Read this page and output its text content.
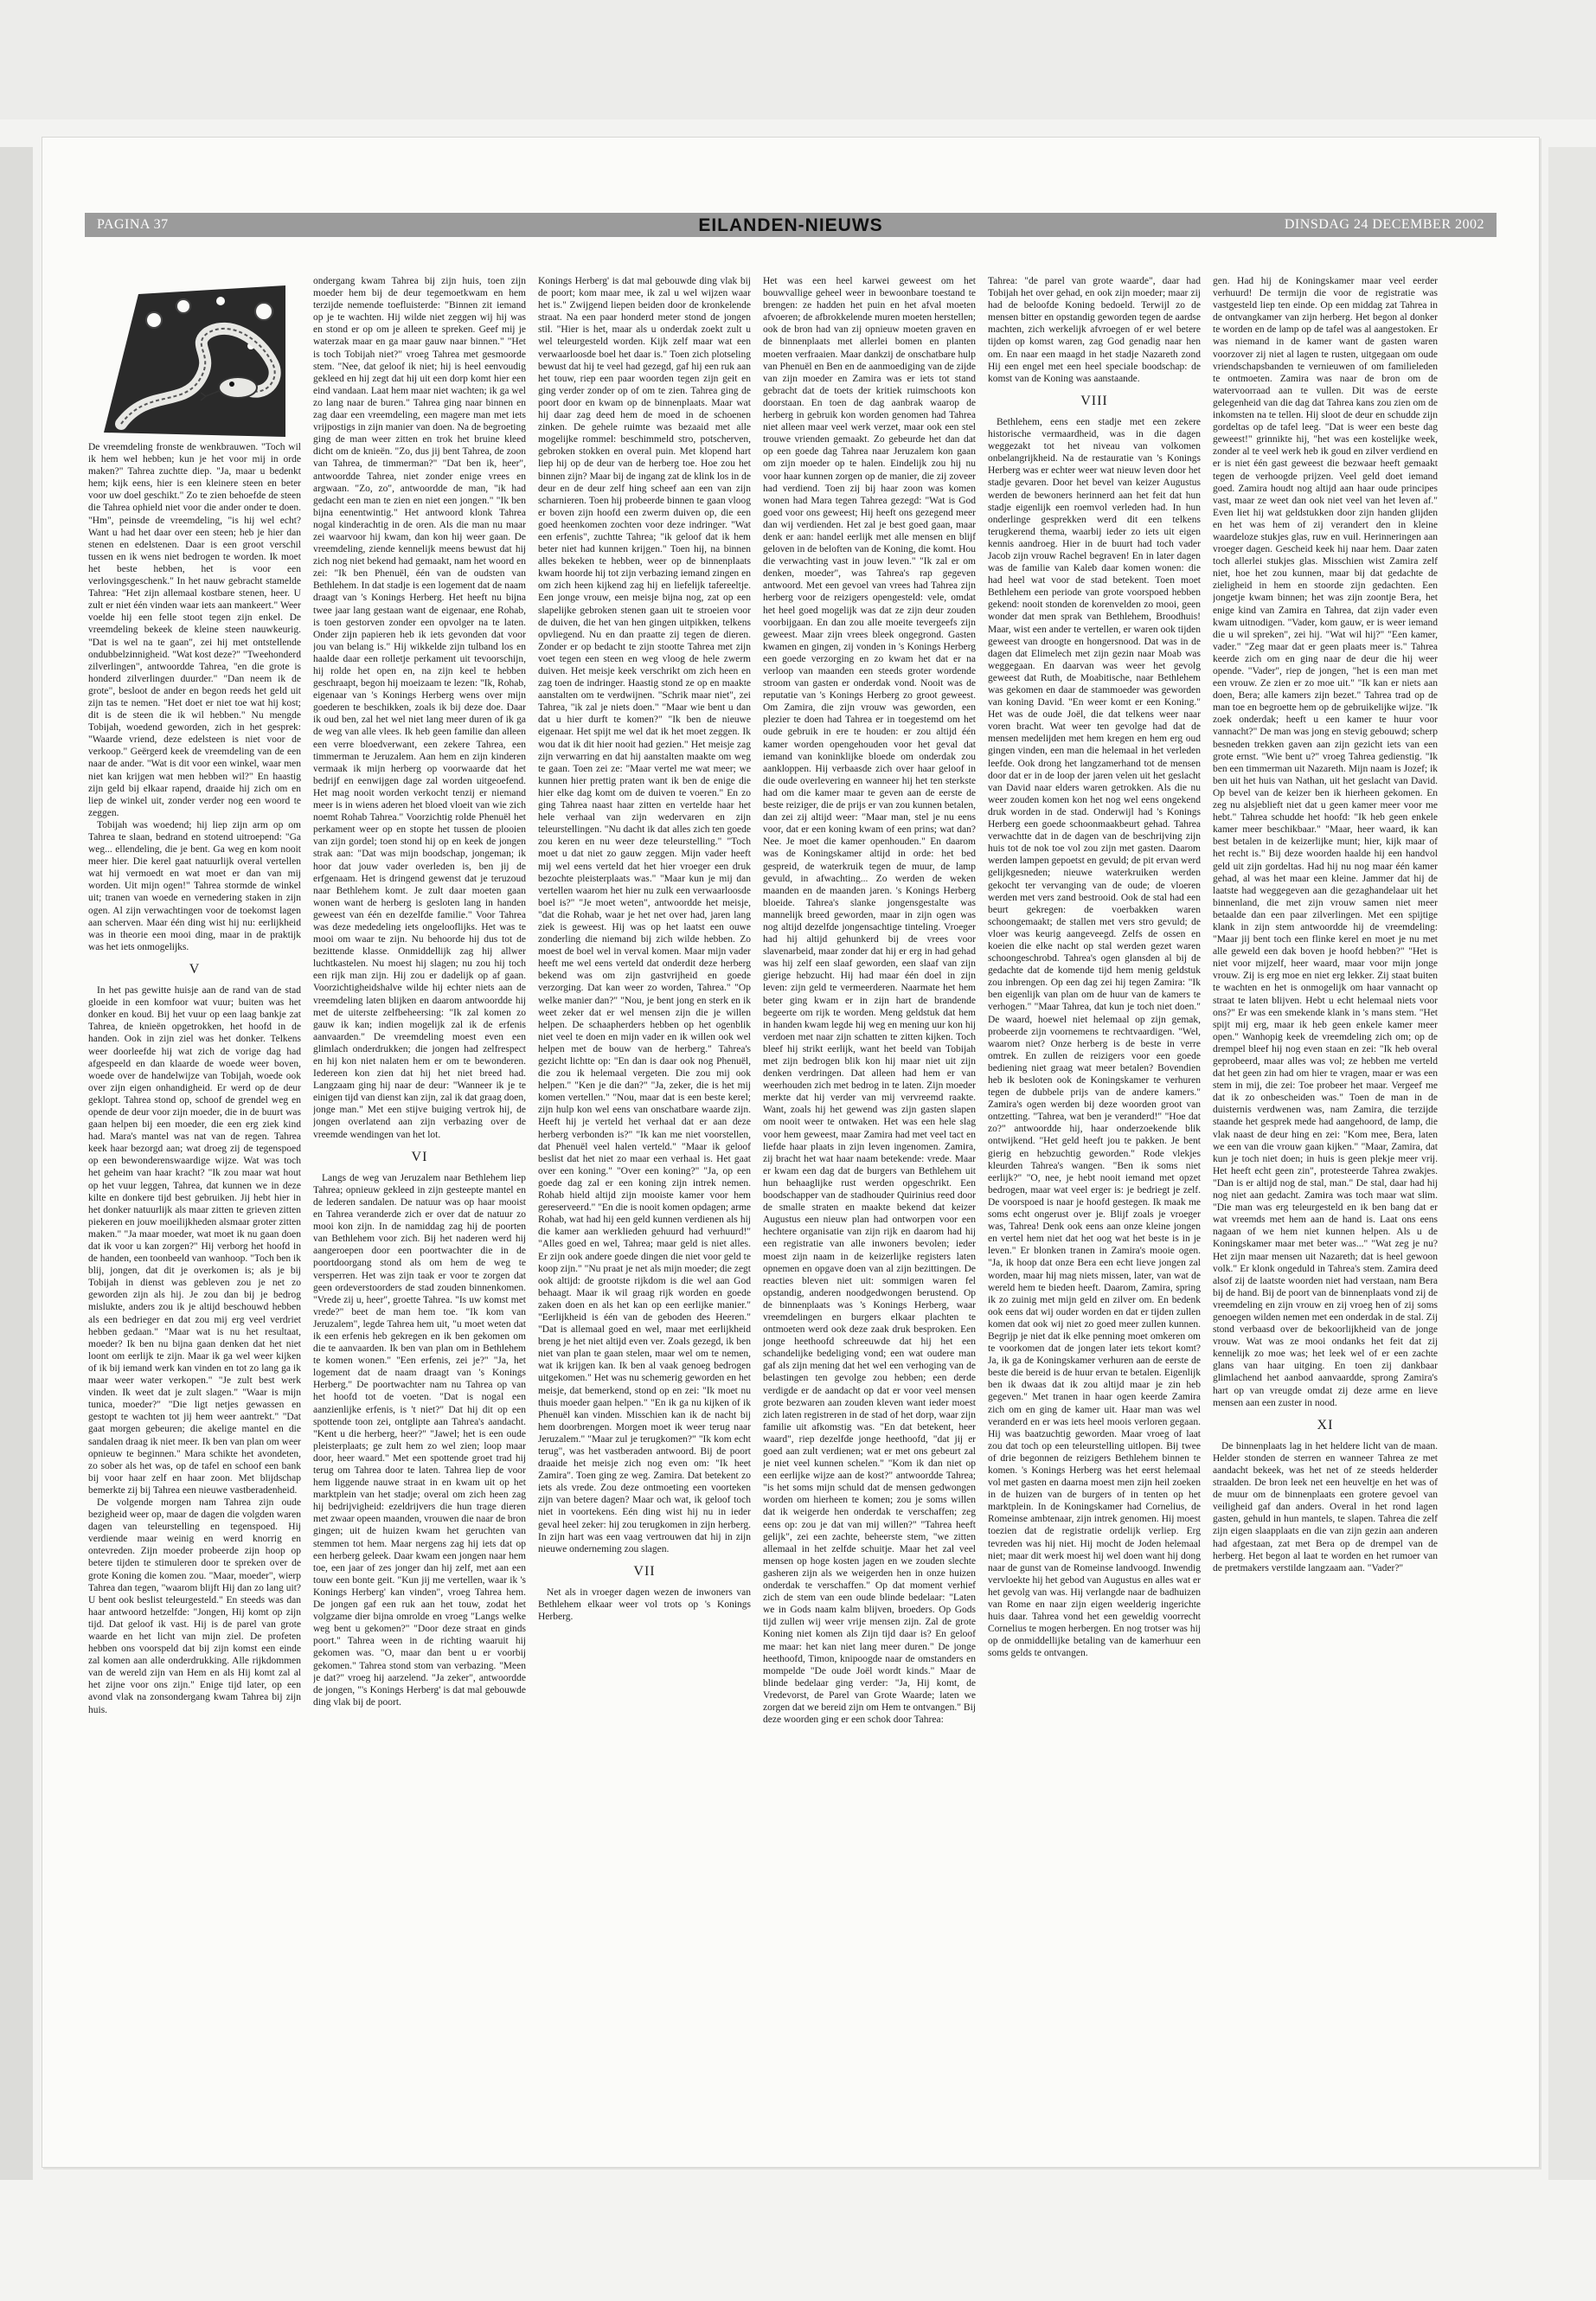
PAGINA 37	EILANDEN-NIEUWS	DINSDAG 24 DECEMBER 2002

De vreemdeling fronste de wenkbrauwen. "Toch wil ik hem wel hebben; kun je het voor mij in orde maken?" Tahrea zuchtte diep. "Ja, maar u bedenkt hem; kijk eens, hier is een kleinere steen en beter voor uw doel geschikt." Zo te zien behoefde de steen die Tahrea ophield niet voor die ander onder te doen. "Hm", peinsde de vreemdeling, "is hij wel echt? Want u had het daar over een steen; heb je hier dan stenen en edelstenen. Daar is een groot verschil tussen en ik wens niet bedrogen te worden. Ik moet het beste hebben, het is voor een verlovingsgeschenk." In het nauw gebracht stamelde Tahrea: "Het zijn allemaal kostbare stenen, heer. U zult er niet één vinden waar iets aan mankeert." Weer voelde hij een felle stoot tegen zijn enkel. De vreemdeling bekeek de kleine steen nauwkeurig. "Dat is wel na te gaan", zei hij met ontstellende ondubbelzinnigheid. "Wat kost deze?" "Tweehonderd zilverlingen", antwoordde Tahrea, "en die grote is honderd zilverlingen duurder." "Dan neem ik de grote", besloot de ander en begon reeds het geld uit zijn tas te nemen. "Het doet er niet toe wat hij kost; dit is de steen die ik wil hebben." Nu mengde Tobijah, woedend geworden, zich in het gesprek: "Waarde vriend, deze edelsteen is niet voor de verkoop." Geërgerd keek de vreemdeling van de een naar de ander. "Wat is dit voor een winkel, waar men niet kan krijgen wat men hebben wil?" En haastig zijn geld bij elkaar rapend, draaide hij zich om en liep de winkel uit, zonder verder nog een woord te zeggen.

Tobijah was woedend; hij liep zijn arm op om Tahrea te slaan, bedrand en stotend uitroepend: "Ga weg... ellendeling, die je bent. Ga weg en kom nooit meer hier. Die kerel gaat natuurlijk overal vertellen wat hij vermoedt en wat moet er dan van mij worden. Uit mijn ogen!" Tahrea stormde de winkel uit; tranen van woede en vernedering staken in zijn ogen. Al zijn verwachtingen voor de toekomst lagen aan scherven. Maar één ding wist hij nu: eerlijkheid was in theorie een mooi ding, maar in de praktijk was het iets onmogelijks.

V

In het pas gewitte huisje aan de rand van de stad gloeide in een komfoor wat vuur; buiten was het donker en koud. Bij het vuur op een laag bankje zat Tahrea, de knieën opgetrokken, het hoofd in de handen. Ook in zijn ziel was het donker. Telkens weer doorleefde hij wat zich de vorige dag had afgespeeld en dan klaarde de woede weer boven, woede over de handelwijze van Tobijah, woede ook over zijn eigen onhandigheid. Er werd op de deur geklopt. Tahrea stond op, schoof de grendel weg en opende de deur voor zijn moeder, die in de buurt was gaan helpen bij een moeder, die een erg ziek kind had. Mara's mantel was nat van de regen. Tahrea keek haar bezorgd aan; wat droeg zij de tegenspoed op een bewonderenswaardige wijze. Wat was toch het geheim van haar kracht? "Ik zou maar wat hout op het vuur leggen, Tahrea, dat kunnen we in deze kilte en donkere tijd best gebruiken. Jij hebt hier in het donker natuurlijk als maar zitten te grieven zitten piekeren en jouw moeilijkheden alsmaar groter zitten maken." "Ja maar moeder, wat moet ik nu gaan doen dat ik voor u kan zorgen?" Hij verborg het hoofd in de handen, een toonbeeld van wanhoop. "Toch ben ik blij, jongen, dat dit je overkomen is; als je bij Tobijah in dienst was gebleven zou je net zo geworden zijn als hij. Je zou dan bij je bedrog mislukte, anders zou ik je altijd beschouwd hebben als een bedrieger en dat zou mij erg veel verdriet hebben gedaan." "Maar wat is nu het resultaat, moeder? Ik ben nu bijna gaan denken dat het niet loont om eerlijk te zijn. Maar ik ga wel weer kijken of ik bij iemand werk kan vinden en tot zo lang ga ik maar weer water verkopen." "Je zult best werk vinden. Ik weet dat je zult slagen." "Waar is mijn tunica, moeder?" "Die ligt netjes gewassen en gestopt te wachten tot jij hem weer aantrekt." "Dat gaat morgen gebeuren; die akelige mantel en die sandalen draag ik niet meer. Ik ben van plan om weer opnieuw te beginnen." Mara schikte het avondeten, zo sober als het was, op de tafel en schoof een bank bij voor haar zelf en haar zoon. Met blijdschap bemerkte zij bij Tahrea een nieuwe vastberadenheid.

De volgende morgen nam Tahrea zijn oude bezigheid weer op, maar de dagen die volgden waren dagen van teleurstelling en tegenspoed. Hij verdiende maar weinig en werd knorrig en ontevreden. Zijn moeder probeerde zijn hoop op betere tijden te stimuleren door te spreken over de grote Koning die komen zou. "Maar, moeder", wierp Tahrea dan tegen, "waarom blijft Hij dan zo lang uit? U bent ook beslist teleurgesteld." En steeds was dan haar antwoord hetzelfde: "Jongen, Hij komt op zijn tijd. Dat geloof ik vast. Hij is de parel van grote waarde en het licht van mijn ziel. De profeten hebben ons voorspeld dat bij zijn komst een einde zal komen aan alle onderdrukking. Alle rijkdommen van de wereld zijn van Hem en als Hij komt zal al het zijne voor ons zijn." Enige tijd later, op een avond vlak na zonsondergang kwam Tahrea bij zijn huis.

ondergang kwam Tahrea bij zijn huis, toen zijn moeder hem bij de deur tegemoetkwam en hem terzijde nemende toefluisterde: "Binnen zit iemand op je te wachten. Hij wilde niet zeggen wij hij was en stond er op om je alleen te spreken. Geef mij je waterzak maar en ga maar gauw naar binnen." "Het is toch Tobijah niet?" vroeg Tahrea met gesmoorde stem. "Nee, dat geloof ik niet; hij is heel eenvoudig gekleed en hij zegt dat hij uit een dorp komt hier een eind vandaan. Laat hem maar niet wachten; ik ga wel zo lang naar de buren." Tahrea ging naar binnen en zag daar een vreemdeling, een magere man met iets vrijpostigs in zijn manier van doen. Na de begroeting ging de man weer zitten en trok het bruine kleed dicht om de knieën. "Zo, dus jij bent Tahrea, de zoon van Tahrea, de timmerman?" "Dat ben ik, heer", antwoordde Tahrea, niet zonder enige vrees en argwaan. "Zo, zo", antwoordde de man, "ik had gedacht een man te zien en niet een jongen." "Ik ben bijna eenentwintig." Het antwoord klonk Tahrea nogal kinderachtig in de oren. Als die man nu maar zei waarvoor hij kwam, dan kon hij weer gaan. De vreemdeling, ziende kennelijk meens bewust dat hij zich nog niet bekend had gemaakt, nam het woord en zei: "Ik ben Phenuël, één van de oudsten van Bethlehem. In dat stadje is een logement dat de naam draagt van 's Konings Herberg. Het heeft nu bijna twee jaar lang gestaan want de eigenaar, ene Rohab, is toen gestorven zonder een opvolger na te laten. Onder zijn papieren heb ik iets gevonden dat voor jou van belang is." Hij wikkelde zijn tulband los en haalde daar een rolletje perkament uit tevoorschijn, hij rolde het open en, na zijn keel te hebben geschraapt, begon hij moeizaam te lezen: "Ik, Rohab, eigenaar van 's Konings Herberg wens over mijn goederen te beschikken, zoals ik bij deze doe. Daar ik oud ben, zal het wel niet lang meer duren of ik ga de weg van alle vlees. Ik heb geen familie dan alleen een verre bloedverwant, een zekere Tahrea, een timmerman te Jeruzalem. Aan hem en zijn kinderen vermaak ik mijn herberg op voorwaarde dat het bedrijf en eenwijgen dage zal worden uitgeoefend. Het mag nooit worden verkocht tenzij er niemand meer is in wiens aderen het bloed vloeit van wie zich noemt Rohab Tahrea." Voorzichtig rolde Phenuël het perkament weer op en stopte het tussen de plooien van zijn gordel; toen stond hij op en keek de jongen strak aan: "Dat was mijn boodschap, jongeman; ik hoor dat jouw vader overleden is, ben jij de erfgenaam. Het is dringend gewenst dat je teruzoud naar Bethlehem komt. Je zult daar moeten gaan wonen want de herberg is gesloten lang in handen geweest van één en dezelfde familie." Voor Tahrea was deze mededeling iets ongelooflijks. Het was te mooi om waar te zijn. Nu behoorde hij dus tot de bezittende klasse. Onmiddellijk zag hij allwer luchtkastelen. Nu moest hij slagen; nu zou hij toch een rijk man zijn. Hij zou er dadelijk op af gaan. Voorzichtigheidshalve wilde hij echter niets aan de vreemdeling laten blijken en daarom antwoordde hij met de uiterste zelfbeheersing: "Ik zal komen zo gauw ik kan; indien mogelijk zal ik de erfenis aanvaarden." De vreemdeling moest even een glimlach onderdrukken; die jongen had zelfrespect en hij kon niet nalaten hem er om te bewonderen. Iedereen kon zien dat hij het niet breed had. Langzaam ging hij naar de deur: "Wanneer ik je te einigen tijd van dienst kan zijn, zal ik dat graag doen, jonge man." Met een stijve buiging vertrok hij, de jongen overlatend aan zijn verbazing over de vreemde wendingen van het lot.

VI

Langs de weg van Jeruzalem naar Bethlehem liep Tahrea; opnieuw gekleed in zijn gesteepte mantel en de lederen sandalen. De natuur was op haar mooist en Tahrea veranderde zich er over dat de natuur zo mooi kon zijn. In de namiddag zag hij de poorten van Bethlehem voor zich. Bij het naderen werd hij aangeroepen door een poortwachter die in de poortdoorgang stond als om hem de weg te versperren. Het was zijn taak er voor te zorgen dat geen ordeverstoorders de stad zouden binnenkomen. "Vrede zij u, heer", groette Tahrea. "Is uw komst met vrede?" beet de man hem toe. "Ik kom van Jeruzalem", legde Tahrea hem uit, "u moet weten dat ik een erfenis heb gekregen en ik ben gekomen om die te aanvaarden. Ik ben van plan om in Bethlehem te komen wonen." "Een erfenis, zei je?" "Ja, het logement dat de naam draagt van 's Konings Herberg." De poortwachter nam nu Tahrea op van het hoofd tot de voeten. "Dat is nogal een aanzienlijke erfenis, is 't niet?" Dat hij dit op een spottende toon zei, ontglipte aan Tahrea's aandacht. "Kent u die herberg, heer?" "Jawel; het is een oude pleisterplaats; ge zult hem zo wel zien; loop maar door, heer waard." Met een spottende groet trad hij terug om Tahrea door te laten. Tahrea liep de voor hem liggende nauwe straat in en kwam uit op het marktplein van het stadje; overal om zich heen zag hij bedrijvigheid: ezeldrijvers die hun trage dieren met zwaar opeen maanden, vrouwen die naar de bron gingen; uit de huizen kwam het geruchten van stemmen tot hem. Maar nergens zag hij iets dat op een herberg geleek. Daar kwam een jongen naar hem toe, een jaar of zes jonger dan hij zelf, met aan een touw een bonte geit. "Kun jij me vertellen, waar ik 's Konings Herberg' kan vinden", vroeg Tahrea hem. De jongen gaf een ruk aan het touw, zodat het volgzame dier bijna omrolde en vroeg "Langs welke weg bent u gekomen?" "Door deze straat en ginds poort." Tahrea ween in de richting waaruit hij gekomen was. "O, maar dan bent u er voorbij gekomen." Tahrea stond stom van verbazing. "Meen je dat?" vroeg hij aarzelend. "Ja zeker", antwoordde de jongen, "'s Konings Herberg' is dat mal gebouwde ding vlak bij de poort.

Konings Herberg' is dat mal gebouwde ding vlak bij de poort; kom maar mee, ik zal u wel wijzen waar het is." Zwijgend liepen beiden door de kronkelende straat. Na een paar honderd meter stond de jongen stil. "Hier is het, maar als u onderdak zoekt zult u wel teleurgesteld worden. Kijk zelf maar wat een verwaarloosde boel het daar is." Toen zich plotseling bewust dat hij te veel had gezegd, gaf hij een ruk aan het touw, riep een paar woorden tegen zijn geit en ging verder zonder op of om te zien. Tahrea ging de poort door en kwam op de binnenplaats. Maar wat hij daar zag deed hem de moed in de schoenen zinken. De gehele ruimte was bezaaid met alle mogelijke rommel: beschimmeld stro, potscherven, gebroken stokken en overal puin. Met klopend hart liep hij op de deur van de herberg toe. Hoe zou het binnen zijn? Maar bij de ingang zat de klink los in de deur en de deur zelf hing scheef aan een van zijn scharnieren. Toen hij probeerde binnen te gaan vloog er boven zijn hoofd een zwerm duiven op, die een goed heenkomen zochten voor deze indringer. "Wat een erfenis", zuchtte Tahrea; "ik geloof dat ik hem beter niet had kunnen krijgen." Toen hij, na binnen alles bekeken te hebben, weer op de binnenplaats kwam hoorde hij tot zijn verbazing iemand zingen en om zich heen kijkend zag hij en liefelijk tafereeltje. Een jonge vrouw, een meisje bijna nog, zat op een slapelijke gebroken stenen gaan uit te stroeien voor de duiven, die het van hen gingen uitpikken, telkens opvliegend. Nu en dan praatte zij tegen de dieren. Zonder er op bedacht te zijn stootte Tahrea met zijn voet tegen een steen en weg vloog de hele zwerm duiven. Het meisje keek verschrikt om zich heen en zag toen de indringer. Haastig stond ze op en maakte aanstalten om te verdwijnen. "Schrik maar niet", zei Tahrea, "ik zal je niets doen." "Maar wie bent u dan dat u hier durft te komen?" "Ik ben de nieuwe eigenaar. Het spijt me wel dat ik het moet zeggen. Ik wou dat ik dit hier nooit had gezien." Het meisje zag zijn verwarring en dat hij aanstalten maakte om weg te gaan. Toen zei ze: "Maar vertel me wat meer; we kunnen hier prettig praten want ik ben de enige die hier elke dag komt om de duiven te voeren." En zo ging Tahrea naast haar zitten en vertelde haar het hele verhaal van zijn wedervaren en zijn teleurstellingen. "Nu dacht ik dat alles zich ten goede zou keren en nu weer deze teleurstelling." "Toch moet u dat niet zo gauw zeggen. Mijn vader heeft mij wel eens verteld dat het hier vroeger een druk bezochte pleisterplaats was." "Maar kun je mij dan vertellen waarom het hier nu zulk een verwaarloosde boel is?" "Je moet weten", antwoordde het meisje, "dat die Rohab, waar je het net over had, jaren lang ziek is geweest. Hij was op het laatst een ouwe zonderling die niemand bij zich wilde hebben. Zo moest de boel wel in verval komen. Maar mijn vader heeft me wel eens verteld dat onderdit deze herberg bekend was om zijn gastvrijheid en goede verzorging. Dat kan weer zo worden, Tahrea." "Op welke manier dan?" "Nou, je bent jong en sterk en ik weet zeker dat er wel mensen zijn die je willen helpen. De schaapherders hebben op het ogenblik niet veel te doen en mijn vader en ik willen ook wel helpen met de bouw van de herberg." Tahrea's gezicht lichtte op: "En dan is daar ook nog Phenuël, die zou ik helemaal vergeten. Die zou mij ook helpen." "Ken je die dan?" "Ja, zeker, die is het mij komen vertellen." "Nou, maar dat is een beste kerel; zijn hulp kon wel eens van onschatbare waarde zijn. Heeft hij je verteld het verhaal dat er aan deze herberg verbonden is?" "Ik kan me niet voorstellen, dat Phenuël veel halen verteld." "Maar ik geloof beslist dat het niet zo maar een verhaal is. Het gaat over een koning." "Over een koning?" "Ja, op een goede dag zal er een koning zijn intrek nemen. Rohab hield altijd zijn mooiste kamer voor hem gereserveerd." "En die is nooit komen opdagen; arme Rohab, wat had hij een geld kunnen verdienen als hij die kamer aan werklieden gehuurd had verhuurd!" "Alles goed en wel, Tahrea; maar geld is niet alles. Er zijn ook andere goede dingen die niet voor geld te koop zijn." "Nu praat je net als mijn moeder; die zegt ook altijd: de grootste rijkdom is die wel aan God behaagt. Maar ik wil graag rijk worden en goede zaken doen en als het kan op een eerlijke manier." "Eerlijkheid is één van de geboden des Heeren." "Dat is allemaal goed en wel, maar met eerlijkheid breng je het niet altijd even ver. Zoals gezegd, ik ben niet van plan te gaan stelen, maar wel om te nemen, wat ik krijgen kan. Ik ben al vaak genoeg bedrogen uitgekomen." Het was nu schemerig geworden en het meisje, dat bemerkend, stond op en zei: "Ik moet nu thuis moeder gaan helpen." "En ik ga nu kijken of ik Phenuël kan vinden. Misschien kan ik de nacht bij hem doorbrengen. Morgen moet ik weer terug naar Jeruzalem." "Maar zul je terugkomen?" "Ik kom echt terug", was het vastberaden antwoord. Bij de poort draaide het meisje zich nog even om: "Ik heet Zamira". Toen ging ze weg. Zamira. Dat betekent zo iets als vrede. Zou deze ontmoeting een voorteken zijn van betere dagen? Maar och wat, ik geloof toch niet in voortekens. Eén ding wist hij nu in ieder geval heel zeker: hij zou terugkomen in zijn herberg. In zijn hart was een vaag vertrouwen dat hij in zijn nieuwe onderneming zou slagen.

VII

Net als in vroeger dagen wezen de inwoners van Bethlehem elkaar weer vol trots op 's Konings Herberg.

Het was een heel karwei geweest om het bouwvallige geheel weer in bewoonbare toestand te brengen: ze hadden het puin en het afval moeten afvoeren; de afbrokkelende muren moeten herstellen; ook de bron had van zij opnieuw moeten graven en de binnenplaats met allerlei bomen en planten moeten verfraaien. Maar dankzij de onschatbare hulp van Phenuël en Ben en de aanmoediging van de zijde van zijn moeder en Zamira was er iets tot stand gebracht dat de toets der kritiek ruimschoots kon doorstaan. En toen de dag aanbrak waarop de herberg in gebruik kon worden genomen had Tahrea niet alleen maar veel werk verzet, maar ook een stel trouwe vrienden gemaakt. Zo gebeurde het dan dat op een goede dag Tahrea naar Jeruzalem kon gaan om zijn moeder op te halen. Eindelijk zou hij nu voor haar kunnen zorgen op de manier, die zij zoveer had verdiend. Toen zij bij haar zoon was komen wonen had Mara tegen Tahrea gezegd: "Wat is God goed voor ons geweest; Hij heeft ons gezegend meer dan wij verdienden. Het zal je best goed gaan, maar denk er aan: handel eerlijk met alle mensen en blijf geloven in de beloften van de Koning, die komt. Hou die verwachting vast in jouw leven." "Ik zal er om denken, moeder", was Tahrea's rap gegeven antwoord. Met een gevoel van vrees had Tahrea zijn herberg voor de reizigers opengesteld: vele, omdat het heel goed mogelijk was dat ze zijn deur zouden voorbijgaan. En dan zou alle moeite tevergeefs zijn geweest. Maar zijn vrees bleek ongegrond. Gasten kwamen en gingen, zij vonden in 's Konings Herberg een goede verzorging en zo kwam het dat er na verloop van maanden een steeds groter wordende stroom van gasten er onderdak vond. Nooit was de reputatie van 's Konings Herberg zo groot geweest. Om Zamira, die zijn vrouw was geworden, een plezier te doen had Tahrea er in toegestemd om het oude gebruik in ere te houden: er zou altijd één kamer worden opengehouden voor het geval dat iemand van koninklijke bloede om onderdak zou aankloppen. Hij verbaasde zich over haar geloof in die oude overlevering en wanneer hij het ten sterkste had om die kamer maar te geven aan de eerste de beste reiziger, die de prijs er van zou kunnen betalen, dan zei zij altijd weer: "Maar man, stel je nu eens voor, dat er een koning kwam of een prins; wat dan? Nee. Je moet die kamer openhouden." En daarom was de Koningskamer altijd in orde: het bed gespreid, de waterkruik tegen de muur, de lamp gevuld, in afwachting... Zo werden de weken maanden en de maanden jaren. 's Konings Herberg bloeide. Tahrea's slanke jongensgestalte was mannelijk breed geworden, maar in zijn ogen was nog altijd dezelfde jongensachtige tinteling. Vroeger had hij altijd gehunkerd bij de vrees voor slavenarbeid, maar zonder dat hij er erg in had gehad was hij zelf een slaaf geworden, een slaaf van zijn gierige hebzucht. Hij had maar één doel in zijn leven: zijn geld te vermeerderen. Naarmate het hem beter ging kwam er in zijn hart de brandende begeerte om rijk te worden. Meng geldstuk dat hem in handen kwam legde hij weg en mening uur kon hij verdoen met naar zijn schatten te zitten kijken. Toch bleef hij strikt eerlijk, want het beeld van Tobijah met zijn bedrogen blik kon hij maar niet uit zijn denken verdringen. Dat alleen had hem er van weerhouden zich met bedrog in te laten. Zijn moeder merkte dat hij verder van mij vervreemd raakte. Want, zoals hij het gewend was zijn gasten slapen om nooit weer te ontwaken. Het was een hele slag voor hem geweest, maar Zamira had met veel tact en liefde haar plaats in zijn leven ingenomen. Zamira, zij bracht het wat haar naam betekende: vrede. Maar er kwam een dag dat de burgers van Bethlehem uit hun behaaglijke rust werden opgeschrikt. Een boodschapper van de stadhouder Quirinius reed door de smalle straten en maakte bekend dat keizer Augustus een nieuw plan had ontworpen voor een hechtere organisatie van zijn rijk en daarom had hij een registratie van alle inwoners bevolen; ieder moest zijn naam in de keizerlijke registers laten opnemen en opgave doen van al zijn bezittingen. De reacties bleven niet uit: sommigen waren fel opstandig, anderen noodgedwongen berustend. Op de binnenplaats was 's Konings Herberg, waar vreemdelingen en burgers elkaar plachten te ontmoeten werd ook deze zaak druk besproken. Een jonge heethoofd schreeuwde dat hij het een schandelijke bedeliging vond; een wat oudere man gaf als zijn mening dat het wel een verhoging van de belastingen ten gevolge zou hebben; een derde verdigde er de aandacht op dat er voor veel mensen grote bezwaren aan zouden kleven want ieder moest zich laten registreren in de stad of het dorp, waar zijn familie uit afkomstig was. "En dat betekent, heer waard", riep dezelfde jonge heethoofd, "dat jij er goed aan zult verdienen; wat er met ons gebeurt zal je niet veel kunnen schelen." "Kom ik dan niet op een eerlijke wijze aan de kost?" antwoordde Tahrea; "is het soms mijn schuld dat de mensen gedwongen worden om hierheen te komen; zou je soms willen dat ik weigerde hen onderdak te verschaffen; zeg eens op: zou je dat van mij willen?" "Tahrea heeft gelijk", zei een zachte, beheerste stem, "we zitten allemaal in het zelfde schuitje. Maar het zal veel mensen op hoge kosten jagen en we zouden slechte gasheren zijn als we weigerden hen in onze huizen onderdak te verschaffen." Op dat moment verhief zich de stem van een oude blinde bedelaar: "Laten we in Gods naam kalm blijven, broeders. Op Gods tijd zullen wij weer vrije mensen zijn. Zal de grote Koning niet komen als Zijn tijd daar is? En geloof me maar: het kan niet lang meer duren." De jonge heethoofd, Timon, knipoogde naar de omstanders en mompelde "De oude Joël wordt kinds." Maar de blinde bedelaar ging verder: "Ja, Hij komt, de Vredevorst, de Parel van Grote Waarde; laten we zorgen dat we bereid zijn om Hem te ontvangen." Bij deze woorden ging er een schok door Tahrea:

Tahrea: "de parel van grote waarde", daar had Tobijah het over gehad, en ook zijn moeder; maar zij had de beloofde Koning bedoeld. Terwijl zo de mensen bitter en opstandig geworden tegen de aardse machten, zich werkelijk afvroegen of er wel betere tijden op komst waren, zag God genadig naar hen om. En naar een maagd in het stadje Nazareth zond Hij een engel met een heel speciale boodschap: de komst van de Koning was aanstaande.

VIII

Bethlehem, eens een stadje met een zekere historische vermaardheid, was in die dagen weggezakt tot het niveau van volkomen onbelangrijkheid. Na de restauratie van 's Konings Herberg was er echter weer wat nieuw leven door het stadje gevaren. Door het bevel van keizer Augustus werden de bewoners herinnerd aan het feit dat hun stadje eigenlijk een roemvol verleden had. In hun onderlinge gesprekken werd dit een telkens terugkerend thema, waarbij ieder zo iets uit eigen kennis aandroeg. Hier in de buurt had toch vader Jacob zijn vrouw Rachel begraven! En in later dagen was de familie van Kaleb daar komen wonen: die had heel wat voor de stad betekent. Toen moet Bethlehem een periode van grote voorspoed hebben gekend: nooit stonden de korenvelden zo mooi, geen wonder dat men sprak van Bethlehem, Broodhuis! Maar, wist een ander te vertellen, er waren ook tijden geweest van droogte en hongersnood. Dat was in de dagen dat Elimelech met zijn gezin naar Moab was weggegaan. En daarvan was weer het gevolg geweest dat Ruth, de Moabitische, naar Bethlehem was gekomen en daar de stammoeder was geworden van koning David. "En weer komt er een Koning." Het was de oude Joël, die dat telkens weer naar voren bracht. Wat weer ten gevolge had dat de mensen medelijden met hem kregen en hem erg oud gingen vinden, een man die helemaal in het verleden leefde. Ook drong het langzamerhand tot de mensen door dat er in de loop der jaren velen uit het geslacht van David naar elders waren getrokken. Als die nu weer zouden komen kon het nog wel eens ongekend druk worden in de stad. Onderwijl had 's Konings Herberg een goede schoonmaakbeurt gehad. Tahrea verwachtte dat in de dagen van de beschrijving zijn huis tot de nok toe vol zou zijn met gasten. Daarom werden lampen gepoetst en gevuld; de pit ervan werd gelijkgesneden; nieuwe waterkruiken werden gekocht ter vervanging van de oude; de vloeren werden met vers zand bestrooid. Ook de stal had een beurt gekregen: de voerbakken waren schoongemaakt; de stallen met vers stro gevuld; de vloer was keurig aangeveegd. Zelfs de ossen en koeien die elke nacht op stal werden gezet waren schoongeschrobd. Tahrea's ogen glansden al bij de gedachte dat de komende tijd hem menig geldstuk zou inbrengen. Op een dag zei hij tegen Zamira: "Ik ben eigenlijk van plan om de huur van de kamers te verhogen." "Maar Tahrea, dat kun je toch niet doen." De waard, hoewel niet helemaal op zijn gemak, probeerde zijn voornemens te rechtvaardigen. "Wel, waarom niet? Onze herberg is de beste in verre omtrek. En zullen de reizigers voor een goede bediening niet graag wat meer betalen? Bovendien heb ik besloten ook de Koningskamer te verhuren tegen de dubbele prijs van de andere kamers." Zamira's ogen werden bij deze woorden groot van ontzetting. "Tahrea, wat ben je veranderd!" "Hoe dat zo?" antwoordde hij, haar onderzoekende blik ontwijkend. "Het geld heeft jou te pakken. Je bent gierig en hebzuchtig geworden." Rode vlekjes kleurden Tahrea's wangen. "Ben ik soms niet eerlijk?" "O, nee, je hebt nooit iemand met opzet bedrogen, maar wat veel erger is: je bedriegt je zelf. De voorspoed is naar je hoofd gestegen. Ik maak me soms echt ongerust over je. Blijf zoals je vroeger was, Tahrea! Denk ook eens aan onze kleine jongen en vertel hem niet dat het oog wat het beste is in je leven." Er blonken tranen in Zamira's mooie ogen. "Ja, ik hoop dat onze Bera een echt lieve jongen zal worden, maar hij mag niets missen, later, van wat de wereld hem te bieden heeft. Daarom, Zamira, spring ik zo zuinig met mijn geld en zilver om. En bedenk ook eens dat wij ouder worden en dat er tijden zullen komen dat ook wij niet zo goed meer zullen kunnen. Begrijp je niet dat ik elke penning moet omkeren om te voorkomen dat de jongen later iets tekort komt? Ja, ik ga de Koningskamer verhuren aan de eerste de beste die bereid is de huur ervan te betalen. Eigenlijk ben ik dwaas dat ik zou altijd maar je zin heb gegeven." Met tranen in haar ogen keerde Zamira zich om en ging de kamer uit. Haar man was wel veranderd en er was iets heel moois verloren gegaan. Hij was baatzuchtig geworden. Maar vroeg of laat zou dat toch op een teleurstelling uitlopen. Bij twee of drie begonnen de reizigers Bethlehem binnen te komen. 's Konings Herberg was het eerst helemaal vol met gasten en daarna moest men zijn heil zoeken in de huizen van de burgers of in tenten op het marktplein. In de Koningskamer had Cornelius, de Romeinse ambtenaar, zijn intrek genomen. Hij moest toezien dat de registratie ordelijk verliep. Erg tevreden was hij niet. Hij mocht de Joden helemaal niet; maar dit werk moest hij wel doen want hij dong naar de gunst van de Romeinse landvoogd. Inwendig vervloekte hij het gebod van Augustus en alles wat er het gevolg van was. Hij verlangde naar de badhuizen van Rome en naar zijn eigen weelderig ingerichte huis daar. Tahrea vond het een geweldig voorrecht Cornelius te mogen herbergen. En nog trotser was hij op de onmiddellijke betaling van de kamerhuur een soms gelds te ontvangen.

gen. Had hij de Koningskamer maar veel eerder verhuurd! De termijn die voor de registratie was vastgesteld liep ten einde. Op een middag zat Tahrea in de ontvangkamer van zijn herberg. Het begon al donker te worden en de lamp op de tafel was al aangestoken. Er was niemand in de kamer want de gasten waren voorzover zij niet al lagen te rusten, uitgegaan om oude vriendschapsbanden te vernieuwen of om familieleden te ontmoeten. Zamira was naar de bron om de watervoorraad aan te vullen. Dit was de eerste gelegenheid van die dag dat Tahrea kans zou zien om de inkomsten na te tellen. Hij sloot de deur en schudde zijn gordeltas op de tafel leeg. "Dat is weer een beste dag geweest!" grinnikte hij, "het was een kostelijke week, zonder al te veel werk heb ik goud en zilver verdiend en er is niet één gast geweest die bezwaar heeft gemaakt tegen de verhoogde prijzen. Veel geld doet iemand goed. Zamira houdt nog altijd aan haar oude principes vast, maar ze weet dan ook niet veel van het leven af." Even liet hij wat geldstukken door zijn handen glijden en het was hem of zij verandert den in kleine waardeloze stukjes glas, ruw en vuil. Herinneringen aan vroeger dagen. Gescheid keek hij naar hem. Daar zaten toch allerlei stukjes glas. Misschien wist Zamira zelf niet, hoe het zou kunnen, maar bij dat gedachte de zieligheid in hem en stoorde zijn gedachten. Een jongetje kwam binnen; het was zijn zoontje Bera, het enige kind van Zamira en Tahrea, dat zijn vader even kwam uitnodigen. "Vader, kom gauw, er is weer iemand die u wil spreken", zei hij. "Wat wil hij?" "Een kamer, vader." "Zeg maar dat er geen plaats meer is." Tahrea keerde zich om en ging naar de deur die hij weer opende. "Vader", riep de jongen, "het is een man met een vrouw. Ze zien er zo moe uit." "Ik kan er niets aan doen, Bera; alle kamers zijn bezet." Tahrea trad op de man toe en begroette hem op de gebruikelijke wijze. "Ik zoek onderdak; heeft u een kamer te huur voor vannacht?" De man was jong en stevig gebouwd; scherp besneden trekken gaven aan zijn gezicht iets van een grote ernst. "Wie bent u?" vroeg Tahrea gedienstig. "Ik ben een timmerman uit Nazareth. Mijn naam is Jozef; ik ben uit het huis van Nathan, uit het geslacht van David. Op bevel van de keizer ben ik hierheen gekomen. En zeg nu alsjeblieft niet dat u geen kamer meer voor me hebt." Tahrea schudde het hoofd: "Ik heb geen enkele kamer meer beschikbaar." "Maar, heer waard, ik kan best betalen in de keizerlijke munt; hier, kijk maar of het recht is." Bij deze woorden haalde hij een handvol geld uit zijn gordeltas. Had hij nu nog maar één kamer gehad, al was het maar een kleine. Jammer dat hij de laatste had weggegeven aan die gezaghandelaar uit het binnenland, die met zijn vrouw samen niet meer betaalde dan een paar zilverlingen. Met een spijtige klank in zijn stem antwoordde hij de vreemdeling: "Maar jij bent toch een flinke kerel en moet je nu met alle geweld een dak boven je hoofd hebben?" "Het is niet voor mijzelf, heer waard, maar voor mijn jonge vrouw. Zij is erg moe en niet erg lekker. Zij staat buiten te wachten en het is onmogelijk om haar vannacht op straat te laten blijven. Hebt u echt helemaal niets voor ons?" Er was een smekende klank in 's mans stem. "Het spijt mij erg, maar ik heb geen enkele kamer meer open." Wanhopig keek de vreemdeling zich om; op de drempel bleef hij nog even staan en zei: "Ik heb overal geprobeerd, maar alles was vol; ze hebben me verteld dat het geen zin had om hier te vragen, maar er was een stem in mij, die zei: Toe probeer het maar. Vergeef me dat ik zo onbescheiden was." Toen de man in de duisternis verdwenen was, nam Zamira, die terzijde staande het gesprek mede had aangehoord, de lamp, die vlak naast de deur hing en zei: "Kom mee, Bera, laten we een van die vrouw gaan kijken." "Maar, Zamira, dat kun je toch niet doen; in huis is geen plekje meer vrij. Het heeft echt geen zin", protesteerde Tahrea zwakjes. "Dan is er altijd nog de stal, man." De stal, daar had hij nog niet aan gedacht. Zamira was toch maar wat slim. "Die man was erg teleurgesteld en ik ben bang dat er wat vreemds met hem aan de hand is. Laat ons eens nagaan of we hem niet kunnen helpen. Als u de Koningskamer maar met beter was..." "Wat zeg je nu? Het zijn maar mensen uit Nazareth; dat is heel gewoon volk." Er klonk ongeduld in Tahrea's stem. Zamira deed alsof zij de laatste woorden niet had verstaan, nam Bera bij de hand. Bij de poort van de binnenplaats vond zij de vreemdeling en zijn vrouw en zij vroeg hen of zij soms genoegen wilden nemen met een onderdak in de stal. Zij stond verbaasd over de bekoorlijkheid van de jonge vrouw. Wat was ze mooi ondanks het feit dat zij kennelijk zo moe was; het leek wel of er een zachte glans van haar uitging. En toen zij dankbaar glimlachend het aanbod aanvaardde, sprong Zamira's hart op van vreugde omdat zij deze arme en lieve mensen aan een zuster in nood.

XI

De binnenplaats lag in het heldere licht van de maan. Helder stonden de sterren en wanneer Tahrea ze met aandacht bekeek, was het net of ze steeds helderder straalden. De bron leek net een heuveltje en het was of de muur om de binnenplaats een grotere gevoel van veiligheid gaf dan anders. Overal in het rond lagen gasten, gehuld in hun mantels, te slapen. Tahrea die zelf zijn eigen slaapplaats en die van zijn gezin aan anderen had afgestaan, zat met Bera op de drempel van de herberg. Het begon al laat te worden en het rumoer van de pretmakers verstilde langzaam aan. "Vader?"
